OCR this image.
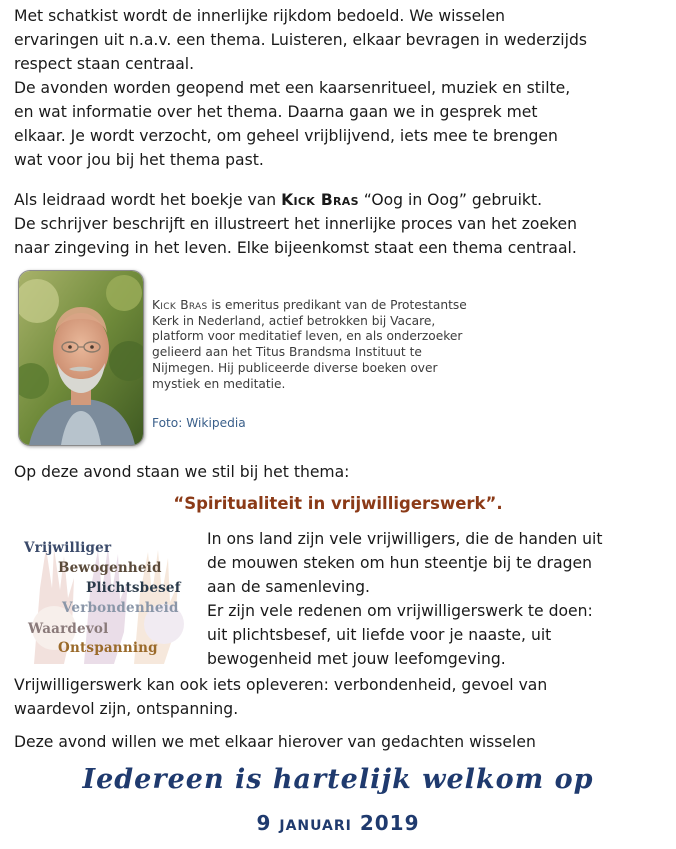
Met schatkist wordt de innerlijke rijkdom bedoeld. We wisselen
ervaringen uit n.a.v. een thema. Luisteren, elkaar bevragen in wederzijds
respect staan centraal.
De avonden worden geopend met een kaarsenritueel, muziek en stilte,
en wat informatie over het thema. Daarna gaan we in gesprek met
elkaar. Je wordt verzocht, om geheel vrijblijvend, iets mee te brengen
wat voor jou bij het thema past.
Als leidraad wordt het boekje van Kick Bras “Oog in Oog” gebruikt.
De schrijver beschrijft en illustreert het innerlijke proces van het zoeken
naar zingeving in het leven. Elke bijeenkomst staat een thema centraal.
Kick Bras is emeritus predikant van de Protestantse
Kerk in Nederland, actief betrokken bij Vacare,
platform voor meditatief leven, en als onderzoeker
gelieerd aan het Titus Brandsma Instituut te
Nijmegen. Hij publiceerde diverse boeken over
mystiek en meditatie.
Foto: Wikipedia
Op deze avond staan we stil bij het thema:
“Spiritualiteit in vrijwilligerswerk”.
Vrijwilliger
Bewogenheid
Plichtsbesef
Verbondenheid
Waardevol
Ontspanning
In ons land zijn vele vrijwilligers, die de handen uit
de mouwen steken om hun steentje bij te dragen
aan de samenleving.
Er zijn vele redenen om vrijwilligerswerk te doen:
uit plichtsbesef, uit liefde voor je naaste, uit
bewogenheid met jouw leefomgeving.
Vrijwilligerswerk kan ook iets opleveren: verbondenheid, gevoel van
waardevol zijn, ontspanning.
Deze avond willen we met elkaar hierover van gedachten wisselen
Iedereen is hartelijk welkom op
9 januari 2019
